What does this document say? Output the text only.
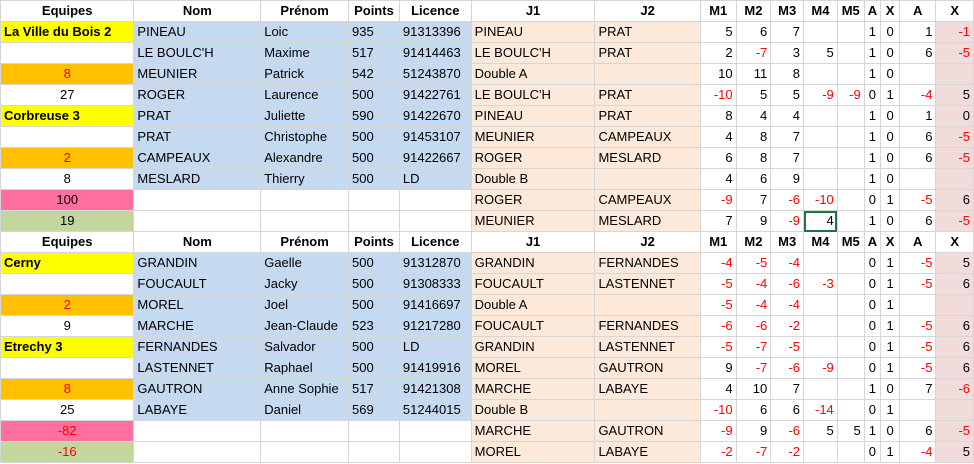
Equipes	Nom	Prénom	Points	Licence	J1	J2	M1	M2	M3	M4	M5	A	X	A	X
La Ville du Bois 2	PINEAU	Loic	935	91313396	PINEAU	PRAT	5	6	7			1	0	1	-1
	LE BOULC'H	Maxime	517	91414463	LE BOULC'H	PRAT	2	-7	3	5		1	0	6	-5
8	MEUNIER	Patrick	542	51243870	Double A		10	11	8			1	0		
27	ROGER	Laurence	500	91422761	LE BOULC'H	PRAT	-10	5	5	-9	-9	0	1	-4	5
Corbreuse 3	PRAT	Juliette	590	91422670	PINEAU	PRAT	8	4	4			1	0	1	0
	PRAT	Christophe	500	91453107	MEUNIER	CAMPEAUX	4	8	7			1	0	6	-5
2	CAMPEAUX	Alexandre	500	91422667	ROGER	MESLARD	6	8	7			1	0	6	-5
8	MESLARD	Thierry	500	LD	Double B		4	6	9			1	0		
100					ROGER	CAMPEAUX	-9	7	-6	-10		0	1	-5	6
19					MEUNIER	MESLARD	7	9	-9	4		1	0	6	-5
Equipes	Nom	Prénom	Points	Licence	J1	J2	M1	M2	M3	M4	M5	A	X	A	X
Cerny	GRANDIN	Gaelle	500	91312870	GRANDIN	FERNANDES	-4	-5	-4			0	1	-5	5
	FOUCAULT	Jacky	500	91308333	FOUCAULT	LASTENNET	-5	-4	-6	-3		0	1	-5	6
2	MOREL	Joel	500	91416697	Double A		-5	-4	-4			0	1		
9	MARCHE	Jean-Claude	523	91217280	FOUCAULT	FERNANDES	-6	-6	-2			0	1	-5	6
Etrechy 3	FERNANDES	Salvador	500	LD	GRANDIN	LASTENNET	-5	-7	-5			0	1	-5	6
	LASTENNET	Raphael	500	91419916	MOREL	GAUTRON	9	-7	-6	-9		0	1	-5	6
8	GAUTRON	Anne Sophie	517	91421308	MARCHE	LABAYE	4	10	7			1	0	7	-6
25	LABAYE	Daniel	569	51244015	Double B		-10	6	6	-14		0	1		
-82					MARCHE	GAUTRON	-9	9	-6	5	5	1	0	6	-5
-16					MOREL	LABAYE	-2	-7	-2			0	1	-4	5
